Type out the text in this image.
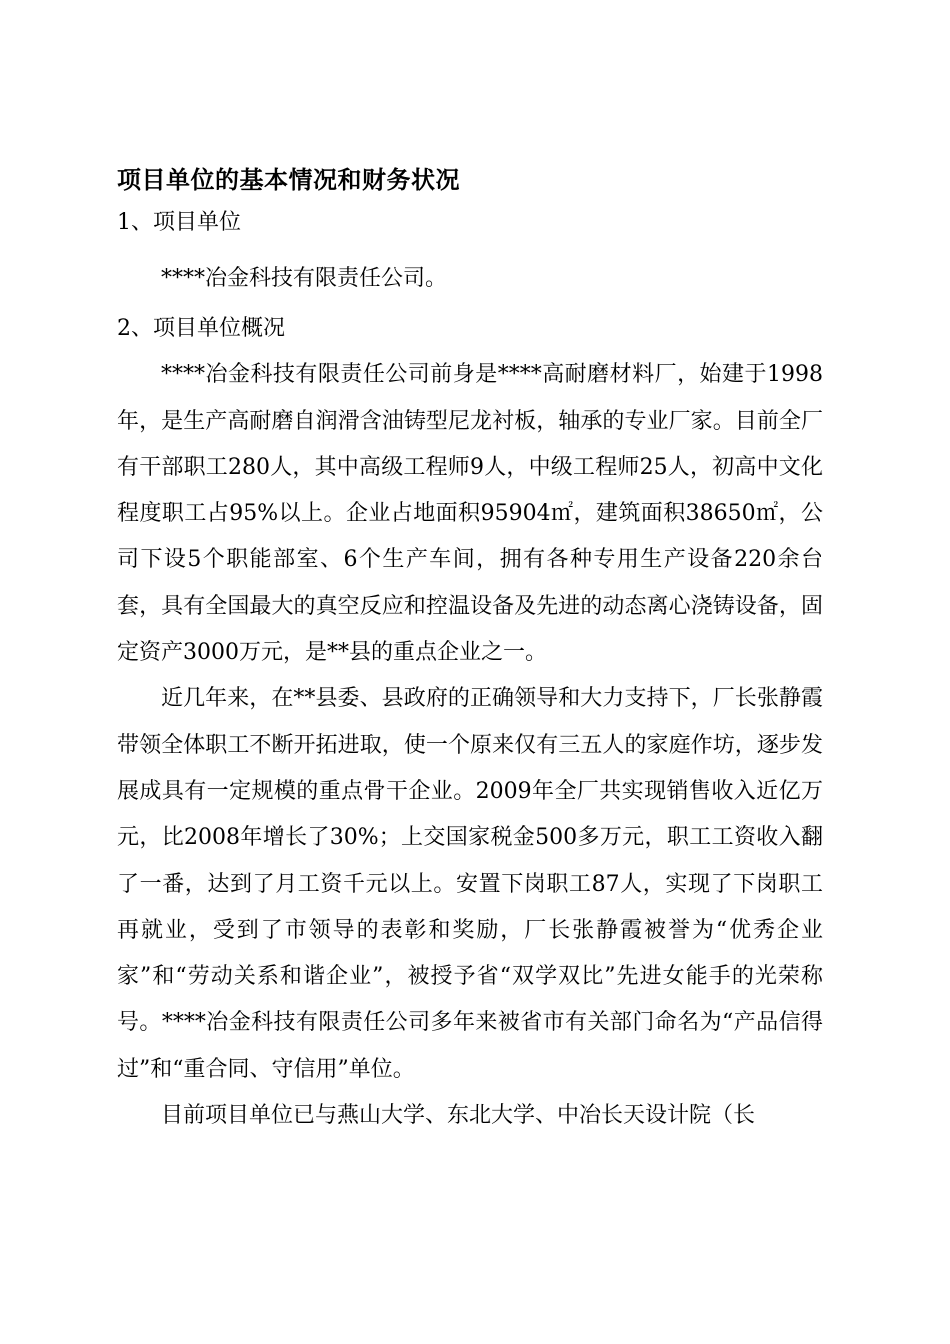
项目单位的基本情况和财务状况

1、项目单位

****冶金科技有限责任公司。

2、项目单位概况

****冶金科技有限责任公司前身是****高耐磨材料厂，始建于1998年，是生产高耐磨自润滑含油铸型尼龙衬板，轴承的专业厂家。目前全厂有干部职工280人，其中高级工程师9人，中级工程师25人，初高中文化程度职工占95%以上。企业占地面积95904㎡，建筑面积38650㎡，公司下设5个职能部室、6个生产车间，拥有各种专用生产设备220余台套，具有全国最大的真空反应和控温设备及先进的动态离心浇铸设备，固定资产3000万元，是**县的重点企业之一。

近几年来，在**县委、县政府的正确领导和大力支持下，厂长张静霞带领全体职工不断开拓进取，使一个原来仅有三五人的家庭作坊，逐步发展成具有一定规模的重点骨干企业。2009年全厂共实现销售收入近亿万元，比2008年增长了30%；上交国家税金500多万元，职工工资收入翻了一番，达到了月工资千元以上。安置下岗职工87人，实现了下岗职工再就业，受到了市领导的表彰和奖励，厂长张静霞被誉为“优秀企业家”和“劳动关系和谐企业”，被授予省“双学双比”先进女能手的光荣称号。****冶金科技有限责任公司多年来被省市有关部门命名为“产品信得过”和“重合同、守信用”单位。

目前项目单位已与燕山大学、东北大学、中冶长天设计院（长
